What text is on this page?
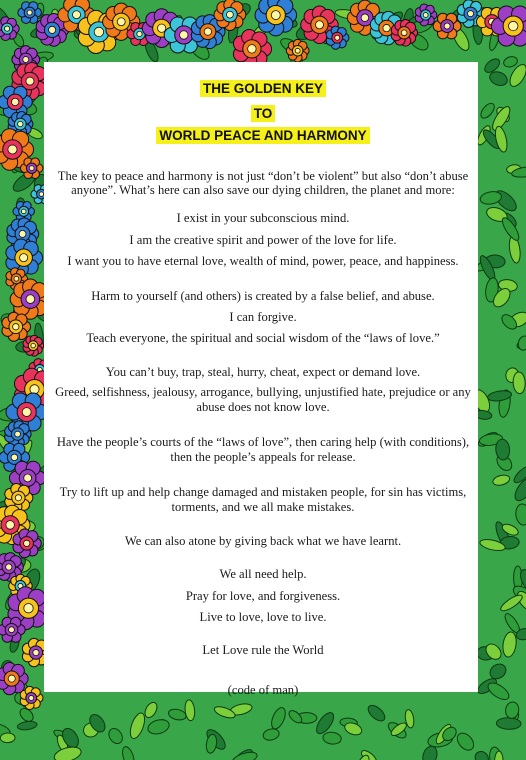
THE GOLDEN KEY
TO
WORLD PEACE AND HARMONY
The key to peace and harmony is not just “don’t be violent” but also “don’t abuse
anyone”. What’s here can also save our dying children, the planet and more:
I exist in your subconscious mind.
I am the creative spirit and power of the love for life.
I want you to have eternal love, wealth of mind, power, peace, and happiness.
Harm to yourself (and others) is created by a false belief, and abuse.
I can forgive.
Teach everyone, the spiritual and social wisdom of the “laws of love.”
You can’t buy, trap, steal, hurry, cheat, expect or demand love.
Greed, selfishness, jealousy, arrogance, bullying, unjustified hate, prejudice or any
abuse does not know love.
Have the people’s courts of the “laws of love”, then caring help (with conditions),
then the people’s appeals for release.
Try to lift up and help change damaged and mistaken people, for sin has victims,
torments, and we all make mistakes.
We can also atone by giving back what we have learnt.
We all need help.
Pray for love, and forgiveness.
Live to love, love to live.
Let Love rule the World
(code of man)
